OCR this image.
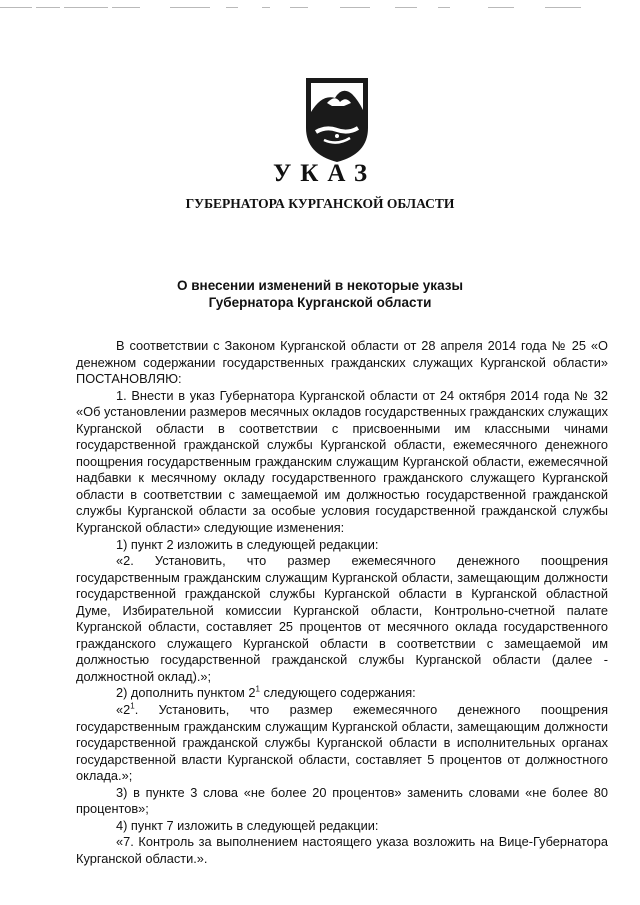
УКАЗ
ГУБЕРНАТОРА КУРГАНСКОЙ ОБЛАСТИ
О внесении изменений в некоторые указы
Губернатора Курганской области
В соответствии с Законом Курганской области от 28 апреля 2014 года № 25 «О денежном содержании государственных гражданских служащих Курганской области» ПОСТАНОВЛЯЮ:
1. Внести в указ Губернатора Курганской области от 24 октября 2014 года № 32 «Об установлении размеров месячных окладов государственных гражданских служащих Курганской области в соответствии с присвоенными им классными чинами государственной гражданской службы Курганской области, ежемесячного денежного поощрения государственным гражданским служащим Курганской области, ежемесячной надбавки к месячному окладу государственного гражданского служащего Курганской области в соответствии с замещаемой им должностью государственной гражданской службы Курганской области за особые условия государственной гражданской службы Курганской области» следующие изменения:
1) пункт 2 изложить в следующей редакции:
«2. Установить, что размер ежемесячного денежного поощрения государственным гражданским служащим Курганской области, замещающим должности государственной гражданской службы Курганской области в Курганской областной Думе, Избирательной комиссии Курганской области, Контрольно-счетной палате Курганской области, составляет 25 процентов от месячного оклада государственного гражданского служащего Курганской области в соответствии с замещаемой им должностью государственной гражданской службы Курганской области (далее - должностной оклад).»;
2) дополнить пунктом $2^1$ следующего содержания:
«$2^1$. Установить, что размер ежемесячного денежного поощрения государственным гражданским служащим Курганской области, замещающим должности государственной гражданской службы Курганской области в исполнительных органах государственной власти Курганской области, составляет 5 процентов от должностного оклада.»;
3) в пункте 3 слова «не более 20 процентов» заменить словами «не более 80 процентов»;
4) пункт 7 изложить в следующей редакции:
«7. Контроль за выполнением настоящего указа возложить на Вице-Губернатора Курганской области.».
